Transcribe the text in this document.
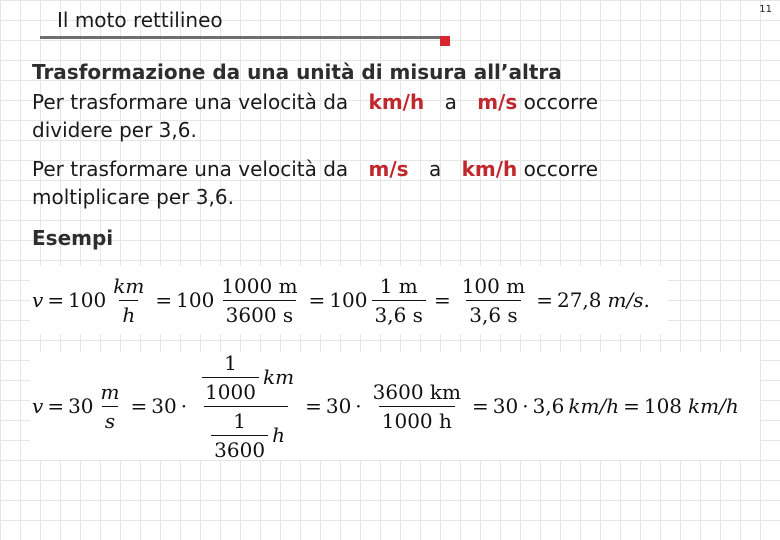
Il moto rettilineo	11
Trasformazione da una unità di misura all’altra
Per trasformare una velocità da km/h a m/s occorre
dividere per 3,6.
Per trasformare una velocità da m/s a km/h occorre
moltiplicare per 3,6.
Esempi
$v = 100 \frac{km}{h} = 100 \frac{1000 m}{3600 s} = 100 \frac{1 m}{3,6 s} = \frac{100 m}{3,6 s} = 27,8$ m/s .
$v = 30 \frac{m}{s} = 30 \cdot \frac{\frac{1}{1000} km}{\frac{1}{3600} h} = 30 \cdot \frac{3600 km}{1000 h} = 30 \cdot 3,6$ km/h = 108 km/h
